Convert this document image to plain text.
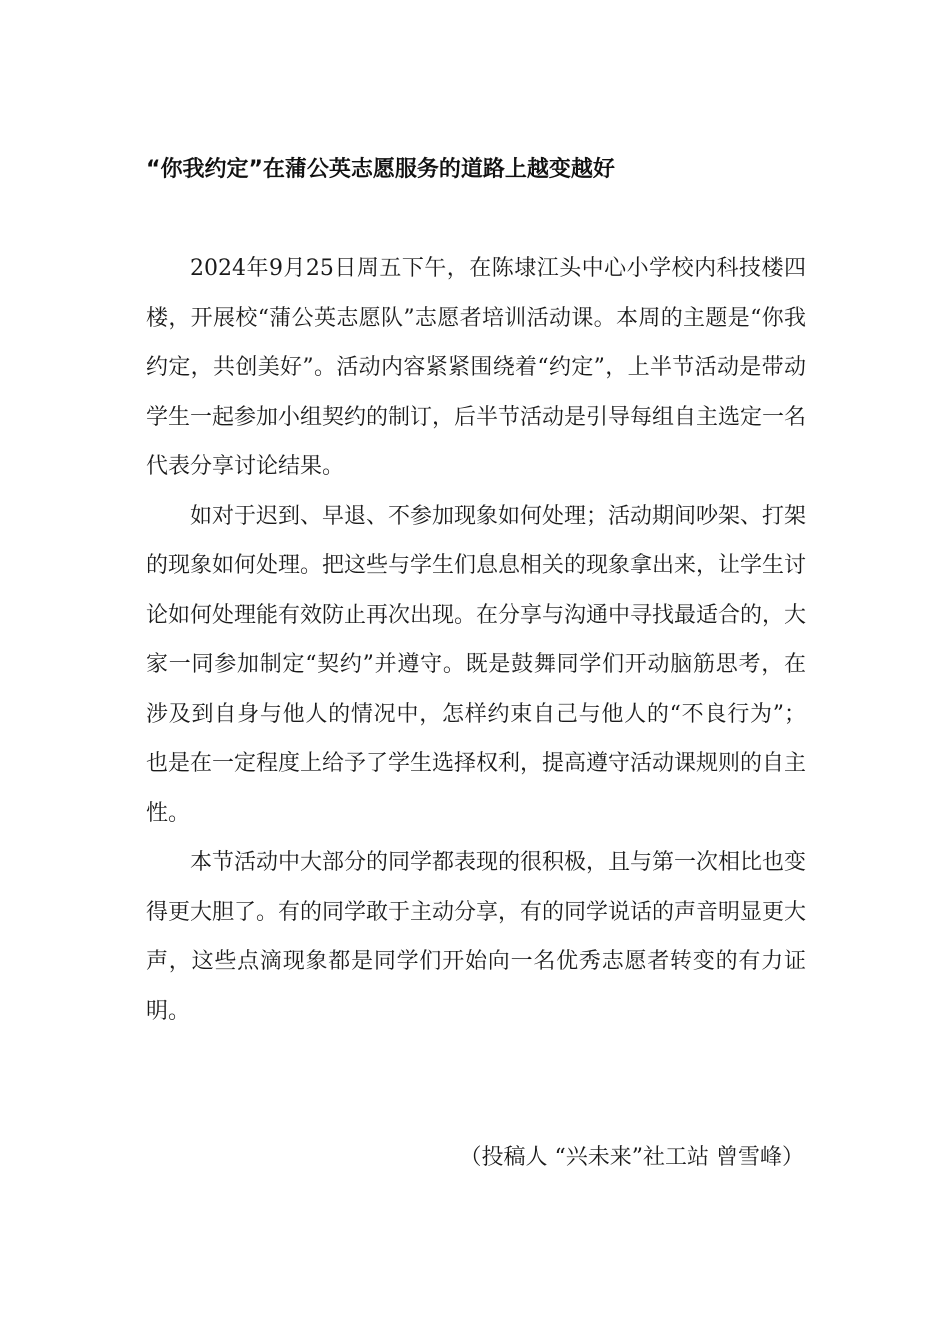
“你我约定”在蒲公英志愿服务的道路上越变越好

2024年9月25日周五下午，在陈埭江头中心小学校内科技楼四楼，开展校“蒲公英志愿队”志愿者培训活动课。本周的主题是“你我约定，共创美好”。活动内容紧紧围绕着“约定”，上半节活动是带动学生一起参加小组契约的制订，后半节活动是引导每组自主选定一名代表分享讨论结果。

如对于迟到、早退、不参加现象如何处理；活动期间吵架、打架的现象如何处理。把这些与学生们息息相关的现象拿出来，让学生讨论如何处理能有效防止再次出现。在分享与沟通中寻找最适合的，大家一同参加制定“契约”并遵守。既是鼓舞同学们开动脑筋思考，在涉及到自身与他人的情况中，怎样约束自己与他人的“不良行为”；也是在一定程度上给予了学生选择权利，提高遵守活动课规则的自主性。

本节活动中大部分的同学都表现的很积极，且与第一次相比也变得更大胆了。有的同学敢于主动分享，有的同学说话的声音明显更大声，这些点滴现象都是同学们开始向一名优秀志愿者转变的有力证明。

（投稿人 “兴未来”社工站 曾雪峰）
